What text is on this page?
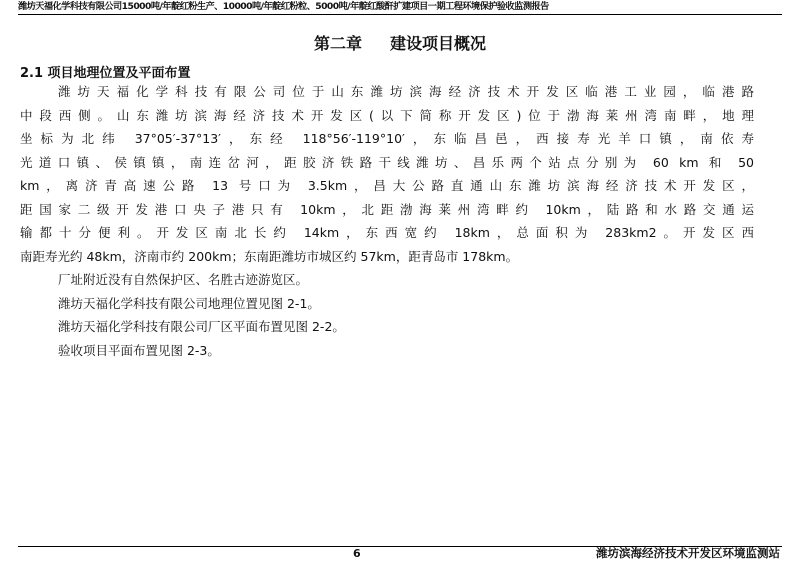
潍坊天福化学科技有限公司15000吨/年靛红粉生产、10000吨/年靛红粉粒、5000吨/年靛红酸酐扩建项目一期工程环境保护验收监测报告
第二章 建设项目概况
2.1 项目地理位置及平面布置
潍坊天福化学科技有限公司位于山东潍坊滨海经济技术开发区临港工业园，临港路
中段西侧。山东潍坊滨海经济技术开发区(以下简称开发区)位于渤海莱州湾南畔，地理
坐标为北纬 37°05′-37°13′，东经 118°56′-119°10′，东临昌邑，西接寿光羊口镇，南依寿
光道口镇、侯镇镇，南连岔河，距胶济铁路干线潍坊、昌乐两个站点分别为 60 km 和 50
km，离济青高速公路 13 号口为 3.5km，昌大公路直通山东潍坊滨海经济技术开发区，
距国家二级开发港口央子港只有 10km，北距渤海莱州湾畔约 10km，陆路和水路交通运
输都十分便利。开发区南北长约 14km，东西宽约 18km，总面积为 283km2。开发区西
南距寿光约 48km，济南市约 200km；东南距潍坊市城区约 57km，距青岛市 178km。
厂址附近没有自然保护区、名胜古迹游览区。
潍坊天福化学科技有限公司地理位置见图 2-1。
潍坊天福化学科技有限公司厂区平面布置见图 2-2。
验收项目平面布置见图 2-3。
6	潍坊滨海经济技术开发区环境监测站
